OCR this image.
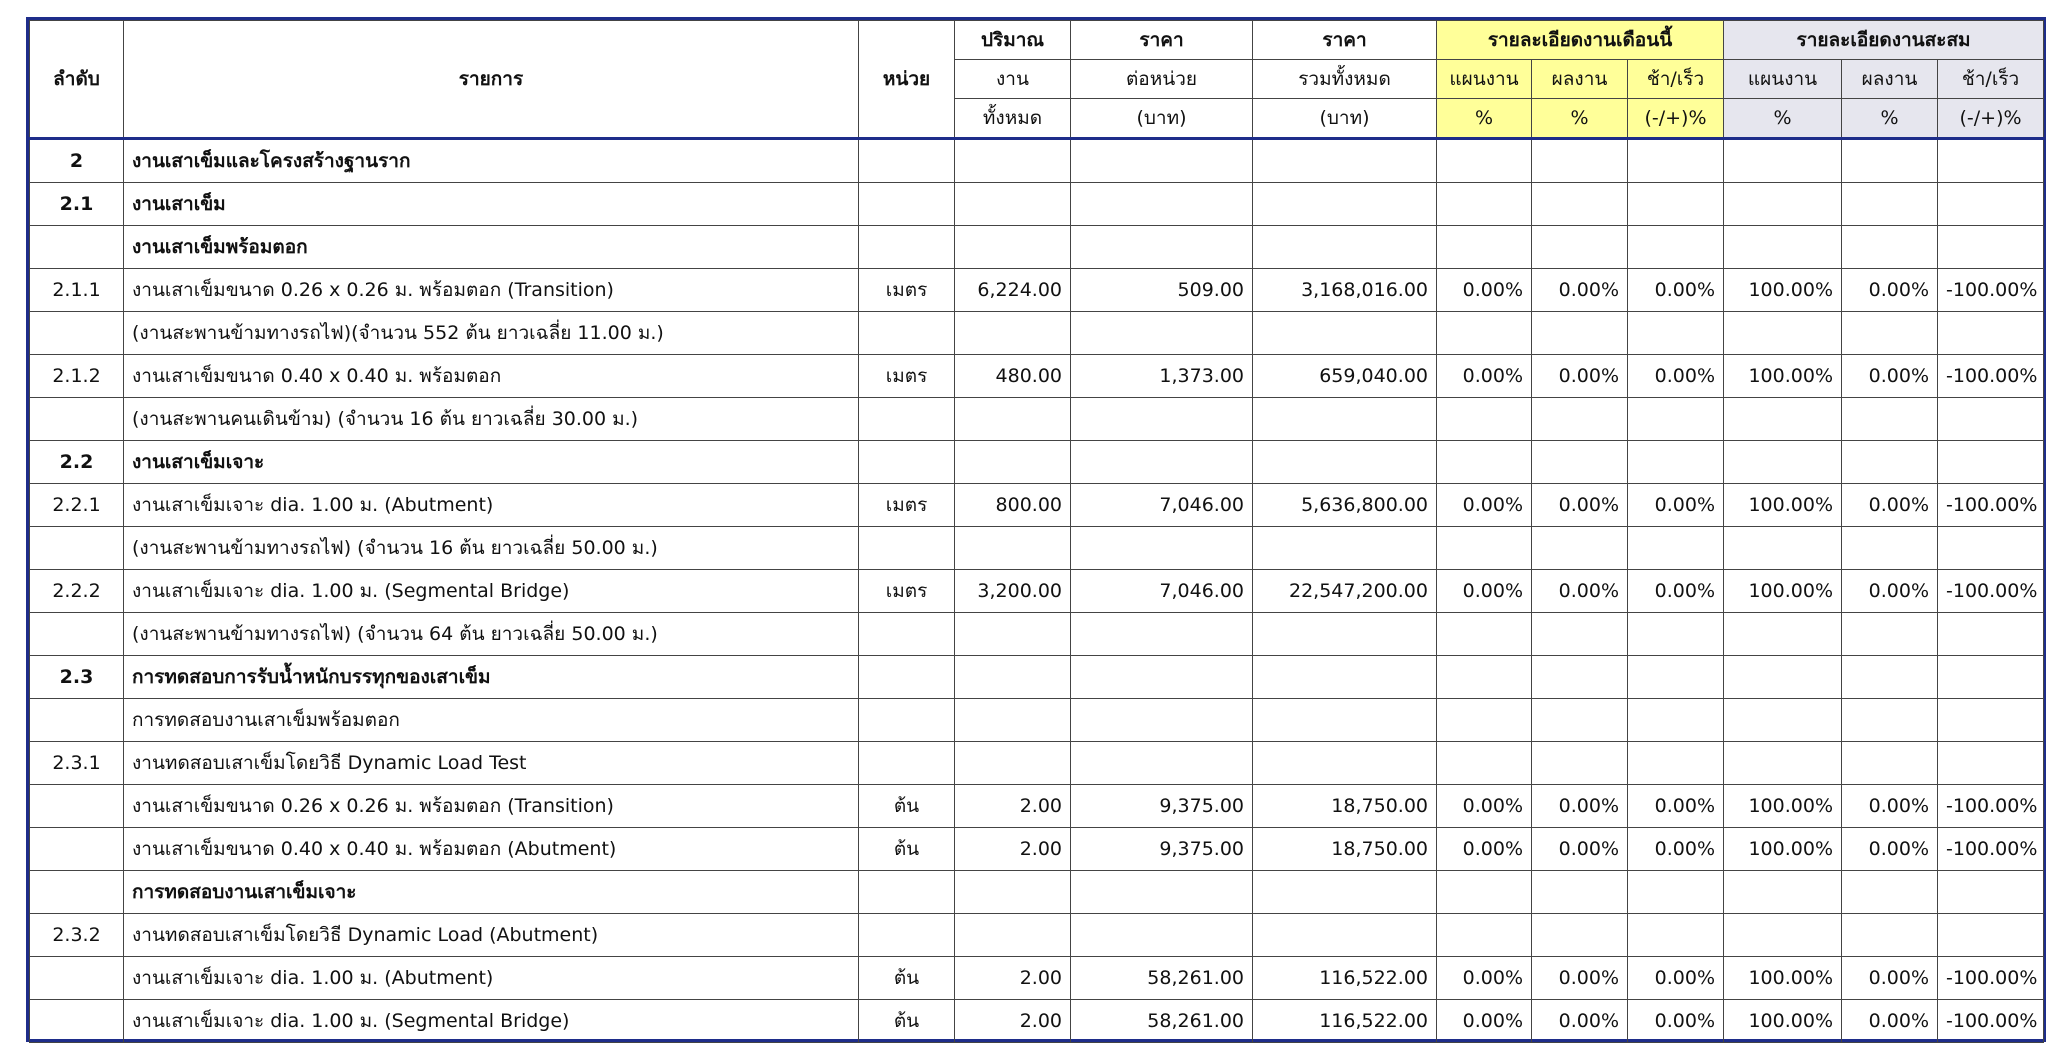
ลำดับ	รายการ	หน่วย	ปริมาณ	ราคา	ราคา	รายละเอียดงานเดือนนี้			รายละเอียดงานสะสม		
			งาน	ต่อหน่วย	รวมทั้งหมด	แผนงาน	ผลงาน	ช้า/เร็ว	แผนงาน	ผลงาน	ช้า/เร็ว
			ทั้งหมด	(บาท)	(บาท)	%	%	(-/+)%	%	%	(-/+)%
2	งานเสาเข็มและโครงสร้างฐานราก										
2.1	งานเสาเข็ม										
	งานเสาเข็มพร้อมตอก										
2.1.1	งานเสาเข็มขนาด 0.26 x 0.26 ม. พร้อมตอก (Transition)	เมตร	6,224.00	509.00	3,168,016.00	0.00%	0.00%	0.00%	100.00%	0.00%	-100.00%
	(งานสะพานข้ามทางรถไฟ)(จำนวน 552 ต้น ยาวเฉลี่ย 11.00 ม.)										
2.1.2	งานเสาเข็มขนาด 0.40 x 0.40 ม. พร้อมตอก	เมตร	480.00	1,373.00	659,040.00	0.00%	0.00%	0.00%	100.00%	0.00%	-100.00%
	(งานสะพานคนเดินข้าม) (จำนวน 16 ต้น ยาวเฉลี่ย 30.00 ม.)										
2.2	งานเสาเข็มเจาะ										
2.2.1	งานเสาเข็มเจาะ dia. 1.00 ม. (Abutment)	เมตร	800.00	7,046.00	5,636,800.00	0.00%	0.00%	0.00%	100.00%	0.00%	-100.00%
	(งานสะพานข้ามทางรถไฟ) (จำนวน 16 ต้น ยาวเฉลี่ย 50.00 ม.)										
2.2.2	งานเสาเข็มเจาะ dia. 1.00 ม. (Segmental Bridge)	เมตร	3,200.00	7,046.00	22,547,200.00	0.00%	0.00%	0.00%	100.00%	0.00%	-100.00%
	(งานสะพานข้ามทางรถไฟ) (จำนวน 64 ต้น ยาวเฉลี่ย 50.00 ม.)										
2.3	การทดสอบการรับน้ำหนักบรรทุกของเสาเข็ม										
	การทดสอบงานเสาเข็มพร้อมตอก										
2.3.1	งานทดสอบเสาเข็มโดยวิธี Dynamic Load Test										
	งานเสาเข็มขนาด 0.26 x 0.26 ม. พร้อมตอก (Transition)	ต้น	2.00	9,375.00	18,750.00	0.00%	0.00%	0.00%	100.00%	0.00%	-100.00%
	งานเสาเข็มขนาด 0.40 x 0.40 ม. พร้อมตอก (Abutment)	ต้น	2.00	9,375.00	18,750.00	0.00%	0.00%	0.00%	100.00%	0.00%	-100.00%
	การทดสอบงานเสาเข็มเจาะ										
2.3.2	งานทดสอบเสาเข็มโดยวิธี Dynamic Load (Abutment)										
	งานเสาเข็มเจาะ dia. 1.00 ม. (Abutment)	ต้น	2.00	58,261.00	116,522.00	0.00%	0.00%	0.00%	100.00%	0.00%	-100.00%
	งานเสาเข็มเจาะ dia. 1.00 ม. (Segmental Bridge)	ต้น	2.00	58,261.00	116,522.00	0.00%	0.00%	0.00%	100.00%	0.00%	-100.00%
